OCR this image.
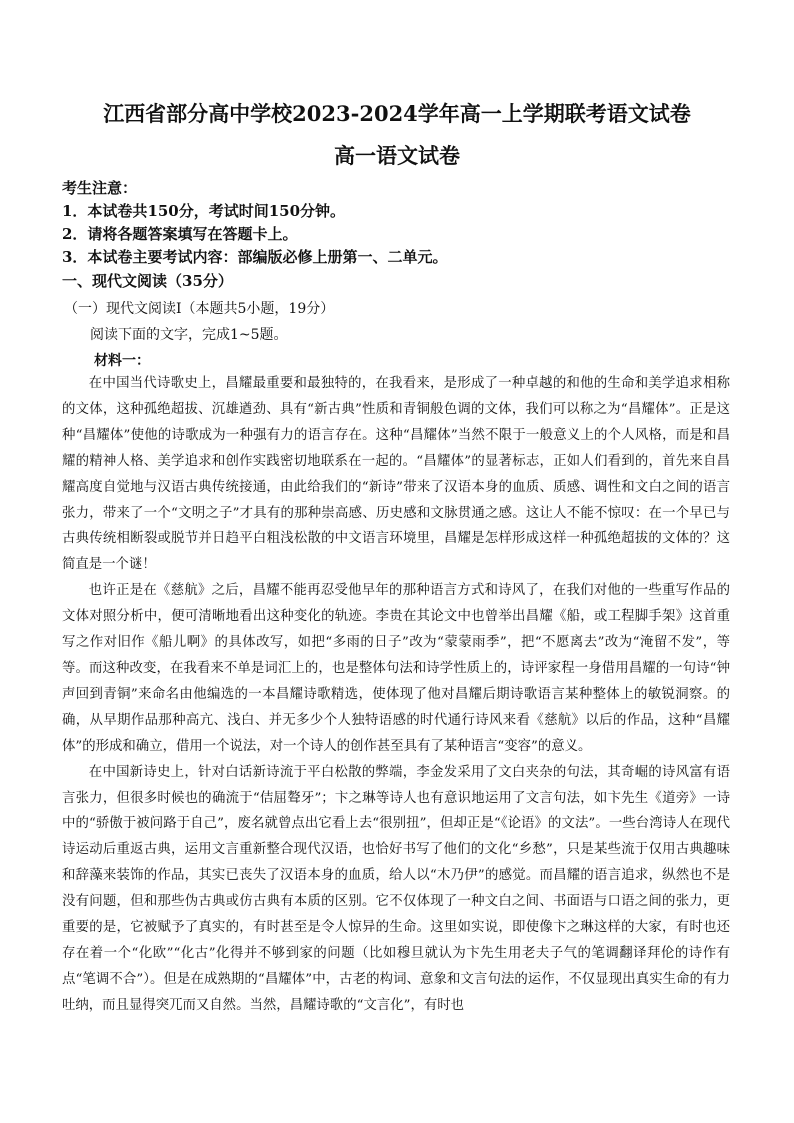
江西省部分高中学校2023-2024学年高一上学期联考语文试卷
高一语文试卷
考生注意：
1．本试卷共150分，考试时间150分钟。
2．请将各题答案填写在答题卡上。
3．本试卷主要考试内容：部编版必修上册第一、二单元。
一、现代文阅读（35分）
（一）现代文阅读Ⅰ（本题共5小题，19分）
阅读下面的文字，完成1~5题。
材料一：

在中国当代诗歌史上，昌耀最重要和最独特的，在我看来，是形成了一种卓越的和他的生命和美学追求相称的文体，这种孤绝超拔、沉雄遒劲、具有“新古典”性质和青铜般色调的文体，我们可以称之为“昌耀体”。正是这种“昌耀体”使他的诗歌成为一种强有力的语言存在。这种“昌耀体”当然不限于一般意义上的个人风格，而是和昌耀的精神人格、美学追求和创作实践密切地联系在一起的。“昌耀体”的显著标志，正如人们看到的，首先来自昌耀高度自觉地与汉语古典传统接通，由此给我们的“新诗”带来了汉语本身的血质、质感、调性和文白之间的语言张力，带来了一个“文明之子”才具有的那种崇高感、历史感和文脉贯通之感。这让人不能不惊叹：在一个早已与古典传统相断裂或脱节并日趋平白粗浅松散的中文语言环境里，昌耀是怎样形成这样一种孤绝超拔的文体的？这简直是一个谜！

也许正是在《慈航》之后，昌耀不能再忍受他早年的那种语言方式和诗风了，在我们对他的一些重写作品的文体对照分析中，便可清晰地看出这种变化的轨迹。李贵在其论文中也曾举出昌耀《船，或工程脚手架》这首重写之作对旧作《船儿啊》的具体改写，如把“多雨的日子”改为“蒙蒙雨季”，把“不愿离去”改为“淹留不发”，等等。而这种改变，在我看来不单是词汇上的，也是整体句法和诗学性质上的，诗评家程一身借用昌耀的一句诗“钟声回到青铜”来命名由他编选的一本昌耀诗歌精选，使体现了他对昌耀后期诗歌语言某种整体上的敏锐洞察。的确，从早期作品那种高亢、浅白、并无多少个人独特语感的时代通行诗风来看《慈航》以后的作品，这种“昌耀体”的形成和确立，借用一个说法，对一个诗人的创作甚至具有了某种语言“变容”的意义。

在中国新诗史上，针对白话新诗流于平白松散的弊端，李金发采用了文白夹杂的句法，其奇崛的诗风富有语言张力，但很多时候也的确流于“佶屈聱牙”；卞之琳等诗人也有意识地运用了文言句法，如卞先生《道旁》一诗中的“骄傲于被问路于自己”，废名就曾点出它看上去“很别扭”，但却正是“《论语》的文法”。一些台湾诗人在现代诗运动后重返古典，运用文言重新整合现代汉语，也恰好书写了他们的文化“乡愁”，只是某些流于仅用古典趣味和辞藻来装饰的作品，其实已丧失了汉语本身的血质，给人以“木乃伊”的感觉。而昌耀的语言追求，纵然也不是没有问题，但和那些伪古典或仿古典有本质的区别。它不仅体现了一种文白之间、书面语与口语之间的张力，更重要的是，它被赋予了真实的，有时甚至是令人惊异的生命。这里如实说，即使像卞之琳这样的大家，有时也还存在着一个“化欧”“化古”化得并不够到家的问题（比如穆旦就认为卞先生用老夫子气的笔调翻译拜伦的诗作有点“笔调不合”）。但是在成熟期的“昌耀体”中，古老的构词、意象和文言句法的运作，不仅显现出真实生命的有力吐纳，而且显得突兀而又自然。当然，昌耀诗歌的“文言化”，有时也
